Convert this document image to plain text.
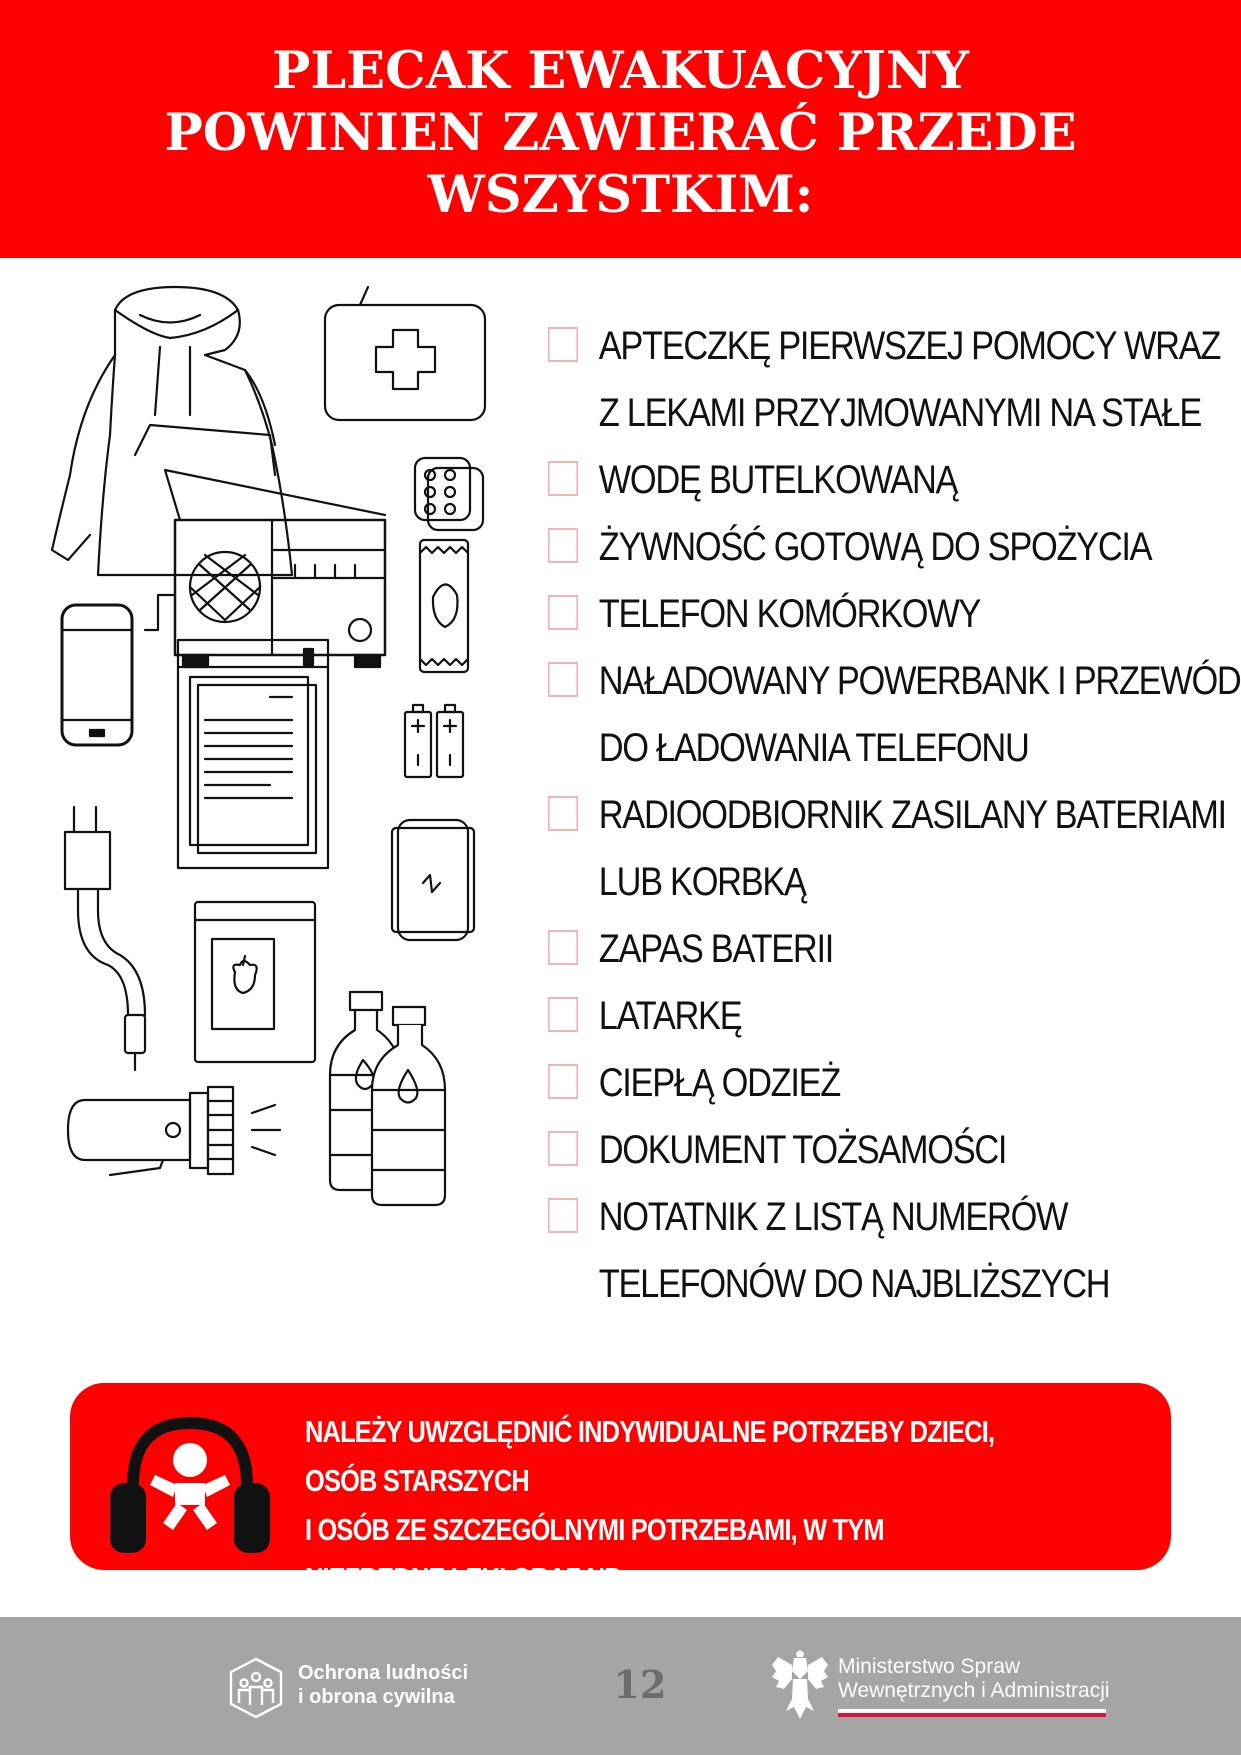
PLECAK EWAKUACYJNY
POWINIEN ZAWIERAĆ PRZEDE
WSZYSTKIM:
APTECZKĘ PIERWSZEJ POMOCY WRAZ
Z LEKAMI PRZYJMOWANYMI NA STAŁE
WODĘ BUTELKOWANĄ
ŻYWNOŚĆ GOTOWĄ DO SPOŻYCIA
TELEFON KOMÓRKOWY
NAŁADOWANY POWERBANK I PRZEWÓD
DO ŁADOWANIA TELEFONU
RADIOODBIORNIK ZASILANY BATERIAMI
LUB KORBKĄ
ZAPAS BATERII
LATARKĘ
CIEPŁĄ ODZIEŻ
DOKUMENT TOŻSAMOŚCI
NOTATNIK Z LISTĄ NUMERÓW
TELEFONÓW DO NAJBLIŻSZYCH

NALEŻY UWZGLĘDNIĆ INDYWIDUALNE POTRZEBY DZIECI, OSÓB STARSZYCH
I OSÓB ZE SZCZEGÓLNYMI POTRZEBAMI, W TYM NIEZBĘDNE LEKI ORAZ NP.

Ochrona ludności
i obrona cywilna	12	Ministerstwo Spraw
Wewnętrznych i Administracji
